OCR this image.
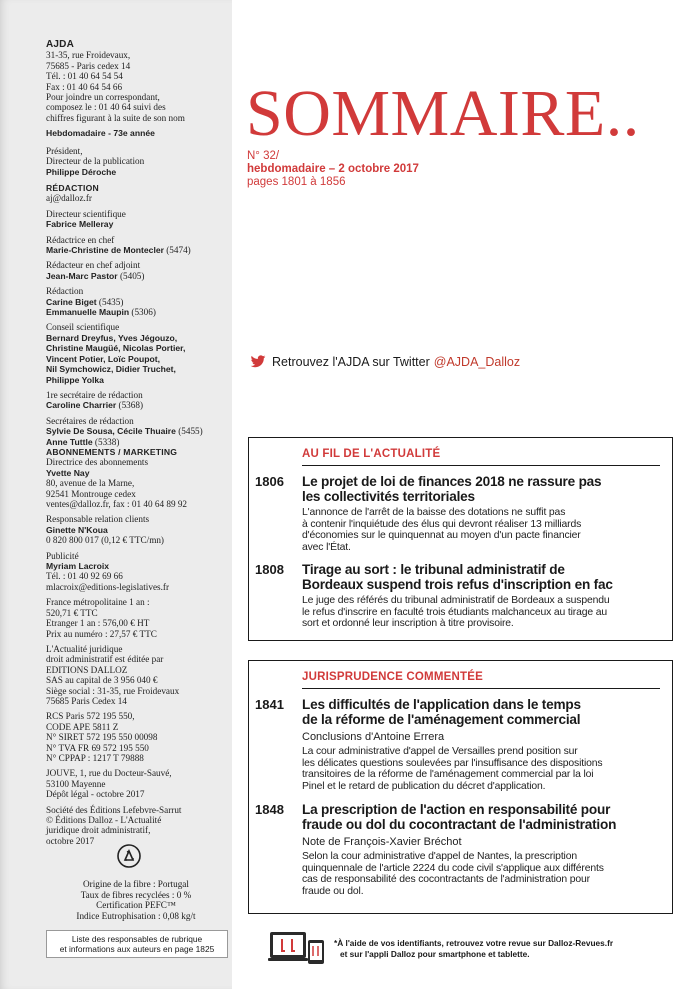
AJDA
31-35, rue Froidevaux,
75685 - Paris cedex 14
Tél. : 01 40 64 54 54
Fax : 01 40 64 54 66
Pour joindre un correspondant,
composez le : 01 40 64 suivi des
chiffres figurant à la suite de son nom
Hebdomadaire - 73e année
Président,
Directeur de la publication
Philippe Déroche
RÉDACTION
aj@dalloz.fr
Directeur scientifique
Fabrice Melleray
Rédactrice en chef
Marie-Christine de Montecler (5474)
Rédacteur en chef adjoint
Jean-Marc Pastor (5405)
Rédaction
Carine Biget (5435)
Emmanuelle Maupin (5306)
Conseil scientifique
Bernard Dreyfus, Yves Jégouzo,
Christine Maugüé, Nicolas Portier,
Vincent Potier, Loïc Poupot,
Nil Symchowicz, Didier Truchet,
Philippe Yolka
1re secrétaire de rédaction
Caroline Charrier (5368)
Secrétaires de rédaction
Sylvie De Sousa, Cécile Thuaire (5455)
Anne Tuttle (5338)
ABONNEMENTS / MARKETING
Directrice des abonnements
Yvette Nay
80, avenue de la Marne,
92541 Montrouge cedex
ventes@dalloz.fr, fax : 01 40 64 89 92
Responsable relation clients
Ginette N'Koua
0 820 800 017 (0,12 € TTC/mn)
Publicité
Myriam Lacroix
Tél. : 01 40 92 69 66
mlacroix@editions-legislatives.fr
France métropolitaine 1 an :
520,71 € TTC
Etranger 1 an : 576,00 € HT
Prix au numéro : 27,57 € TTC
L'Actualité juridique
droit administratif est éditée par
EDITIONS DALLOZ
SAS au capital de 3 956 040 €
Siège social : 31-35, rue Froidevaux
75685 Paris Cedex 14
RCS Paris 572 195 550,
CODE APE 5811 Z
N° SIRET 572 195 550 00098
N° TVA FR 69 572 195 550
N° CPPAP : 1217 T 79888
JOUVE, 1, rue du Docteur-Sauvé,
53100 Mayenne
Dépôt légal - octobre 2017
Société des Éditions Lefebvre-Sarrut
© Éditions Dalloz - L'Actualité
juridique droit administratif,
octobre 2017
Origine de la fibre : Portugal
Taux de fibres recyclées : 0 %
Certification PEFC™
Indice Eutrophisation : 0,08 kg/t
Liste des responsables de rubrique
et informations aux auteurs en page 1825
SOMMAIRE..
N° 32/
hebdomadaire – 2 octobre 2017
pages 1801 à 1856
Retrouvez l'AJDA sur Twitter @AJDA_Dalloz
AU FIL DE L'ACTUALITÉ
1806 Le projet de loi de finances 2018 ne rassure pas
les collectivités territoriales
L'annonce de l'arrêt de la baisse des dotations ne suffit pas
à contenir l'inquiétude des élus qui devront réaliser 13 milliards
d'économies sur le quinquennat au moyen d'un pacte financier
avec l'État.
1808 Tirage au sort : le tribunal administratif de
Bordeaux suspend trois refus d'inscription en fac
Le juge des référés du tribunal administratif de Bordeaux a suspendu
le refus d'inscrire en faculté trois étudiants malchanceux au tirage au
sort et ordonné leur inscription à titre provisoire.
JURISPRUDENCE COMMENTÉE
1841 Les difficultés de l'application dans le temps
de la réforme de l'aménagement commercial
Conclusions d'Antoine Errera
La cour administrative d'appel de Versailles prend position sur
les délicates questions soulevées par l'insuffisance des dispositions
transitoires de la réforme de l'aménagement commercial par la loi
Pinel et le retard de publication du décret d'application.
1848 La prescription de l'action en responsabilité pour
fraude ou dol du cocontractant de l'administration
Note de François-Xavier Bréchot
Selon la cour administrative d'appel de Nantes, la prescription
quinquennale de l'article 2224 du code civil s'applique aux différents
cas de responsabilité des cocontractants de l'administration pour
fraude ou dol.
*À l'aide de vos identifiants, retrouvez votre revue sur Dalloz-Revues.fr
et sur l'appli Dalloz pour smartphone et tablette.
